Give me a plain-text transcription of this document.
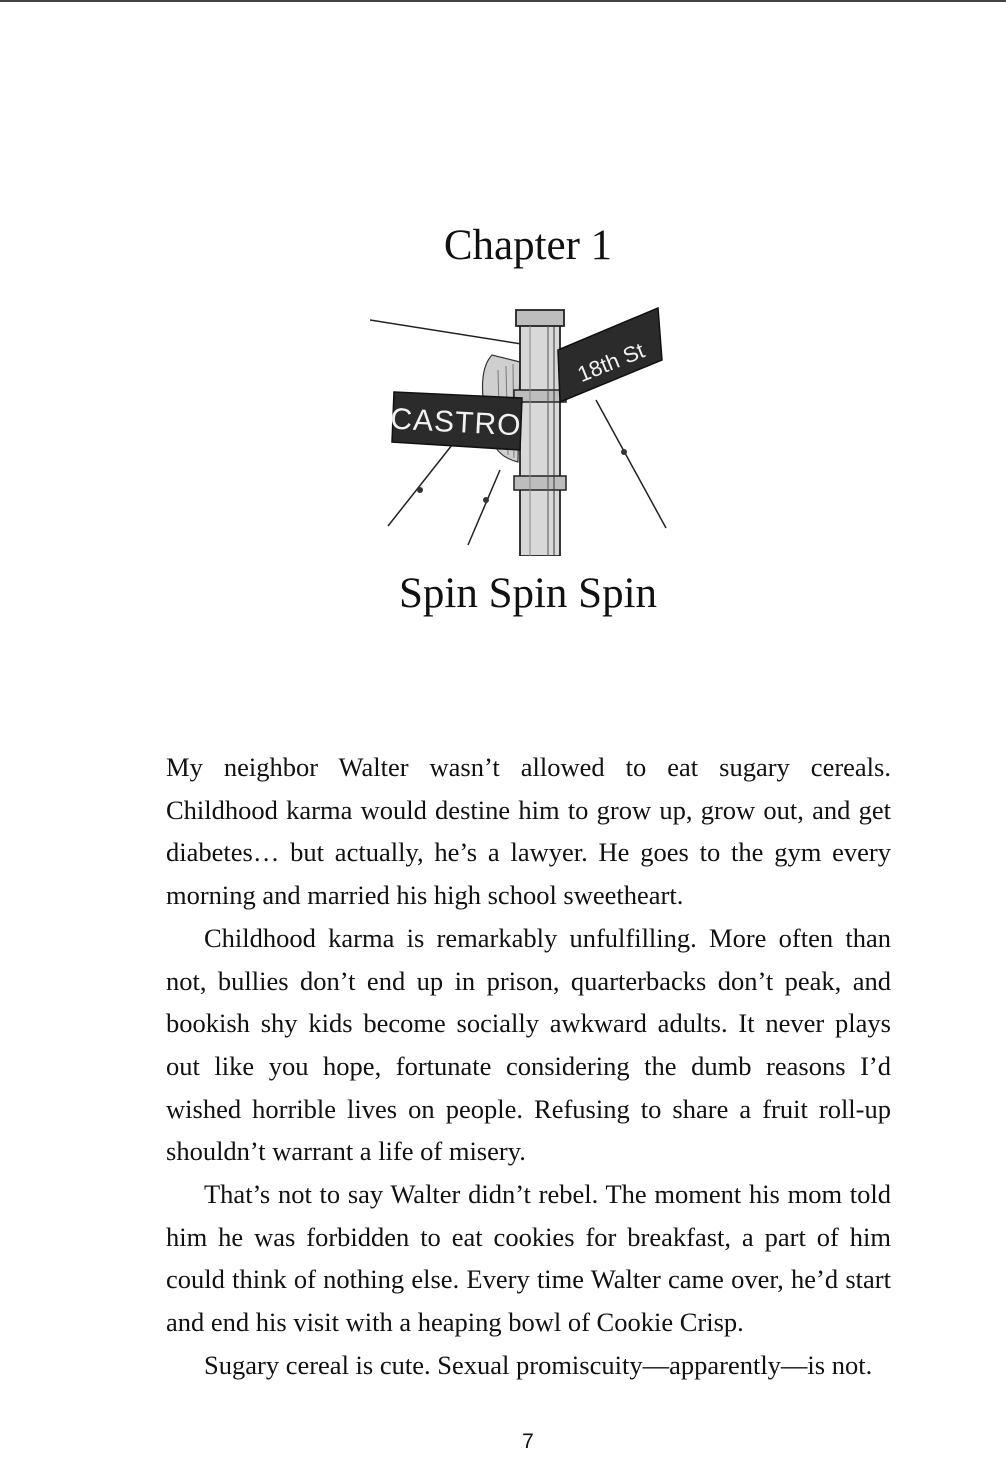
Chapter 1
CASTRO
18th St
Spin Spin Spin

My neighbor Walter wasn’t allowed to eat sugary cereals. Childhood karma would destine him to grow up, grow out, and get diabetes… but actually, he’s a lawyer. He goes to the gym every morning and married his high school sweetheart.

Childhood karma is remarkably unfulfilling. More often than not, bullies don’t end up in prison, quarterbacks don’t peak, and bookish shy kids become socially awkward adults. It never plays out like you hope, fortunate considering the dumb reasons I’d wished horrible lives on people. Refusing to share a fruit roll-up shouldn’t warrant a life of misery.

That’s not to say Walter didn’t rebel. The moment his mom told him he was forbidden to eat cookies for breakfast, a part of him could think of nothing else. Every time Walter came over, he’d start and end his visit with a heaping bowl of Cookie Crisp.

Sugary cereal is cute. Sexual promiscuity—apparently—is not.

7
